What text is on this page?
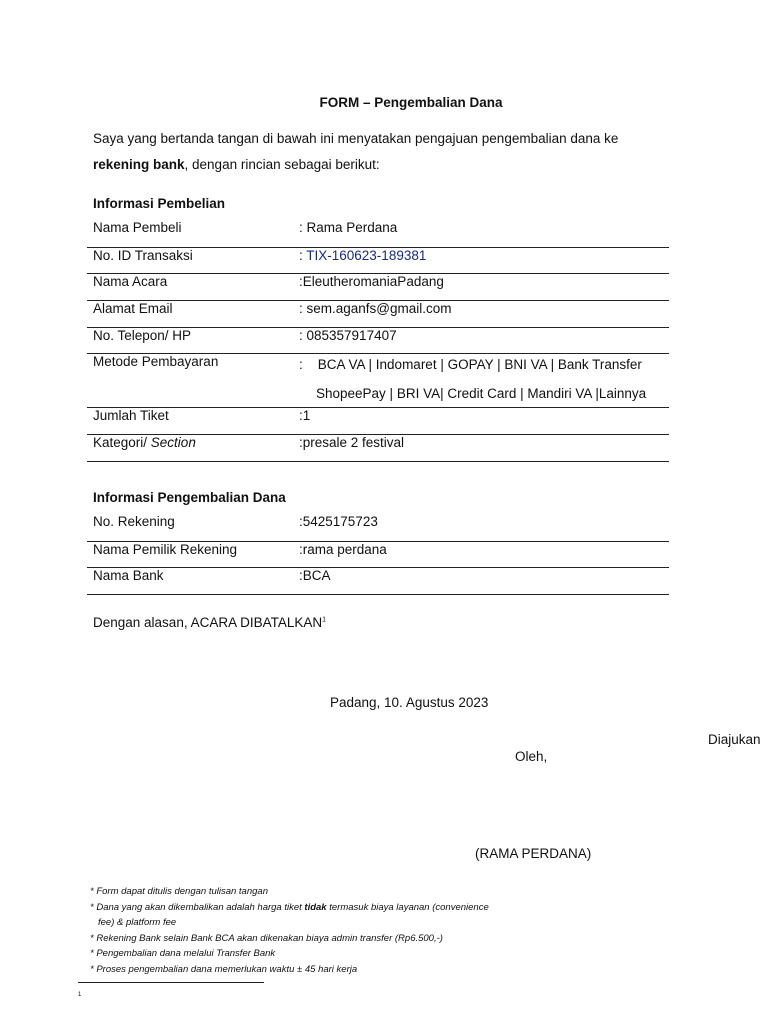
FORM – Pengembalian Dana
Saya yang bertanda tangan di bawah ini menyatakan pengajuan pengembalian dana ke
rekening bank, dengan rincian sebagai berikut:
Informasi Pembelian
Nama Pembeli	: Rama Perdana
No. ID Transaksi	: TIX-160623-189381
Nama Acara	:EleutheromaniaPadang
Alamat Email	: sem.aganfs@gmail.com
No. Telepon/ HP	: 085357917407
Metode Pembayaran	:    BCA VA | Indomaret | GOPAY | BNI VA | Bank Transfer
ShopeePay | BRI VA| Credit Card | Mandiri VA |Lainnya

Jumlah Tiket	:1
Kategori/ Section	:presale 2 festival
Informasi Pengembalian Dana
No. Rekening	:5425175723
Nama Pemilik Rekening	:rama perdana
Nama Bank	:BCA
Dengan alasan, ACARA DIBATALKAN$^1$
Padang, 10. Agustus 2023
Diajukan
Oleh,
(RAMA PERDANA)
* Form dapat ditulis dengan tulisan tangan
* Dana yang akan dikembalikan adalah harga tiket tidak termasuk biaya layanan (convenience
fee) & platform fee
* Rekening Bank selain Bank BCA akan dikenakan biaya admin transfer (Rp6.500,-)
* Pengembalian dana melalui Transfer Bank
* Proses pengembalian dana memerlukan waktu ± 45 hari kerja
1
